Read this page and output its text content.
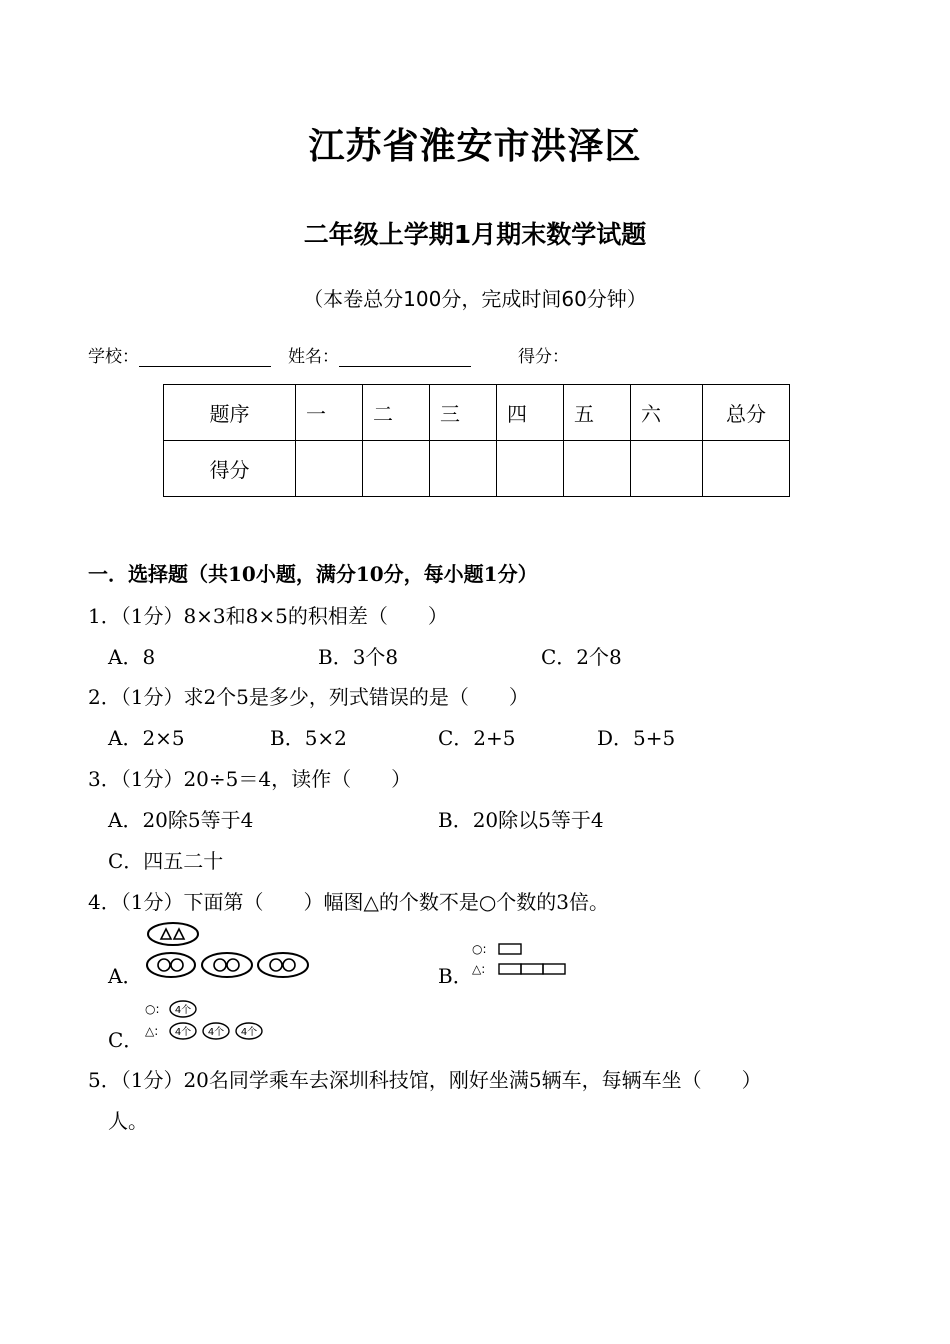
江苏省淮安市洪泽区
二年级上学期1月期末数学试题
（本卷总分100分，完成时间60分钟）
学校：	姓名：	得分：
题序	一	二	三	四	五	六	总分
得分							
一．选择题（共10小题，满分10分，每小题1分）
1．（1分）8×3和8×5的积相差（　　）
A．8	B．3个8	C．2个8
2．（1分）求2个5是多少，列式错误的是（　　）
A．2×5	B．5×2	C．2+5	D．5+5
3．（1分）20÷5＝4，读作（　　）
A．20除5等于4	B．20除以5等于4
C．四五二十
4．（1分）下面第（　　）幅图△的个数不是○个数的3倍。
A．	B．
C．
○:
△:
○: 4个
△: 4个 4个 4个
5．（1分）20名同学乘车去深圳科技馆，刚好坐满5辆车，每辆车坐（　　）
人。
